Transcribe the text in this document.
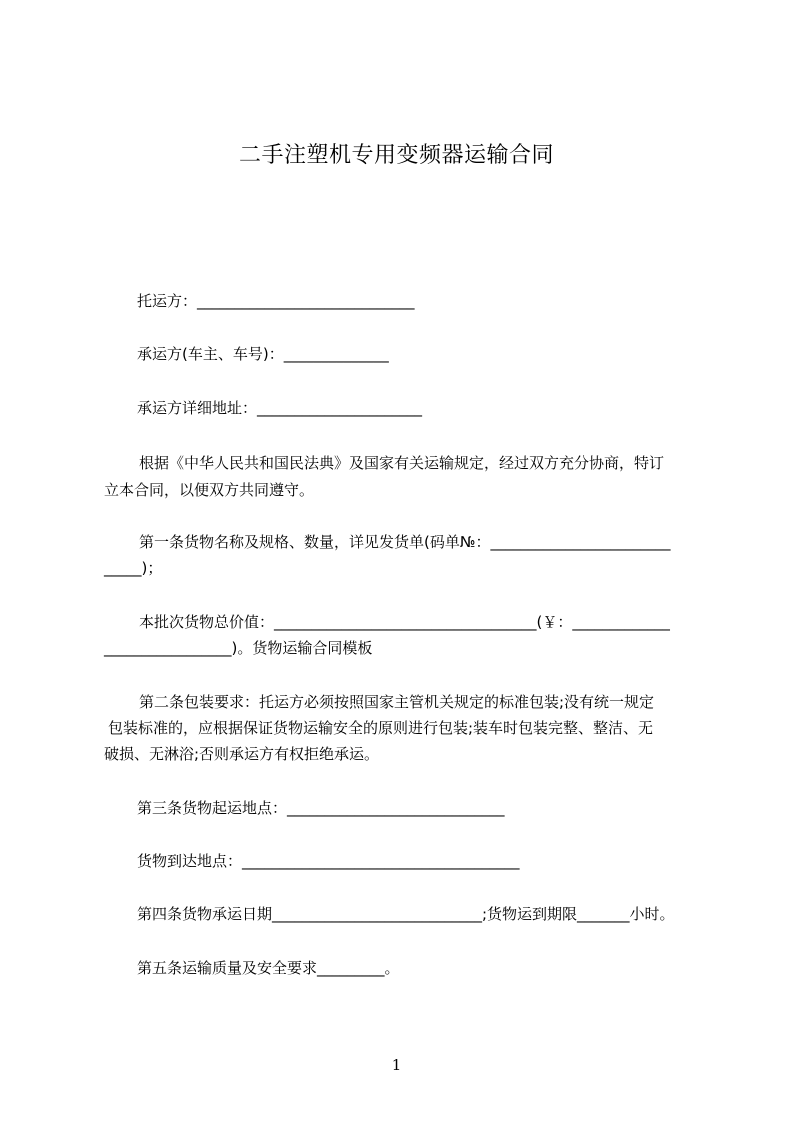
二手注塑机专用变频器运输合同

托运方：_____________________________

承运方(车主、车号)：______________

承运方详细地址：______________________

根据《中华人民共和国民法典》及国家有关运输规定，经过双方充分协商，特订

立本合同，以便双方共同遵守。

第一条货物名称及规格、数量，详见发货单(码单№：________________________

_____)；

本批次货物总价值：___________________________________(￥：_____________

_________________)。货物运输合同模板

第二条包装要求：托运方必须按照国家主管机关规定的标准包装;没有统一规定

包装标准的，应根据保证货物运输安全的原则进行包装;装车时包装完整、整洁、无

破损、无淋浴;否则承运方有权拒绝承运。

第三条货物起运地点：_____________________________

货物到达地点：_____________________________________

第四条货物承运日期____________________________;货物运到期限_______小时。

第五条运输质量及安全要求_________。

1
